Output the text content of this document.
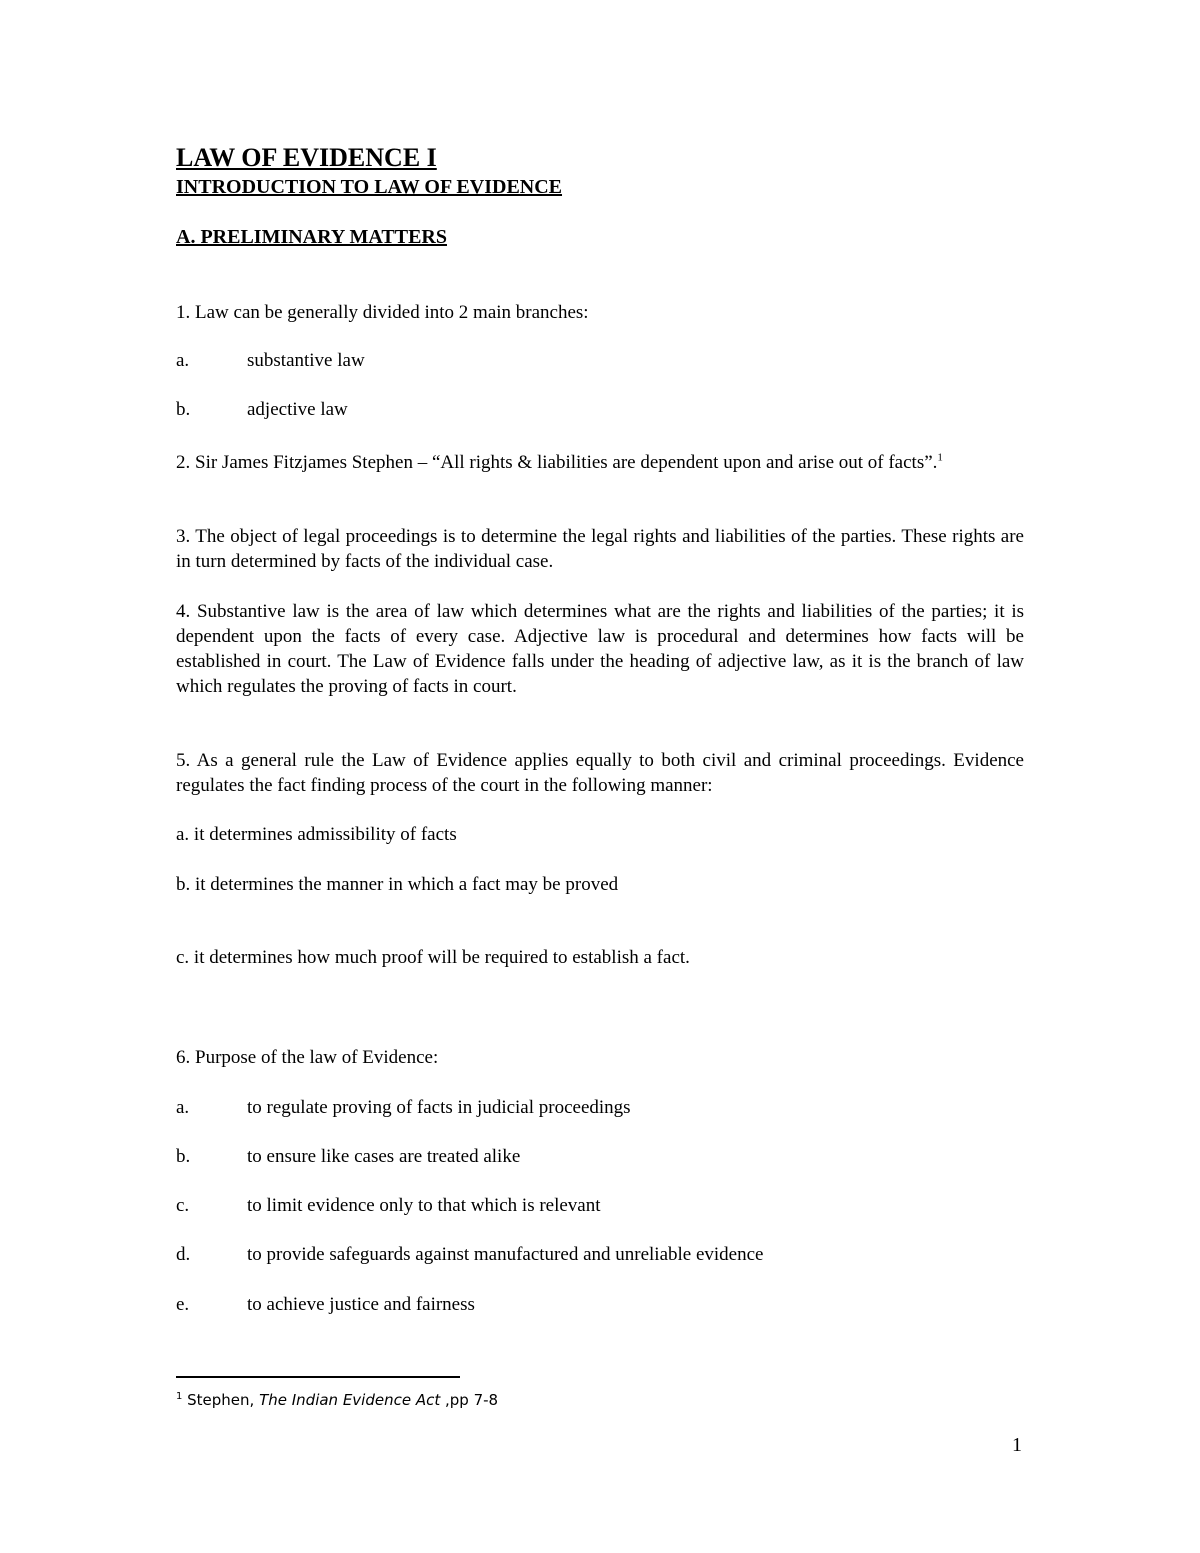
LAW OF EVIDENCE I
INTRODUCTION TO LAW OF EVIDENCE
A. PRELIMINARY MATTERS
1. Law can be generally divided into 2 main branches:
a.	substantive law
b.	adjective law
2. Sir James Fitzjames Stephen – “All rights & liabilities are dependent upon and arise out of facts”.$^1$
3. The object of legal proceedings is to determine the legal rights and liabilities of the parties. These rights are in turn determined by facts of the individual case.
4. Substantive law is the area of law which determines what are the rights and liabilities of the parties; it is dependent upon the facts of every case. Adjective law is procedural and determines how facts will be established in court. The Law of Evidence falls under the heading of adjective law, as it is the branch of law which regulates the proving of facts in court.
5. As a general rule the Law of Evidence applies equally to both civil and criminal proceedings. Evidence regulates the fact finding process of the court in the following manner:
a. it determines admissibility of facts
b. it determines the manner in which a fact may be proved
c. it determines how much proof will be required to establish a fact.
6. Purpose of the law of Evidence:
a.	to regulate proving of facts in judicial proceedings
b.	to ensure like cases are treated alike
c.	to limit evidence only to that which is relevant
d.	to provide safeguards against manufactured and unreliable evidence
e.	to achieve justice and fairness
$^1$ Stephen, The Indian Evidence Act ,pp 7-8
1
